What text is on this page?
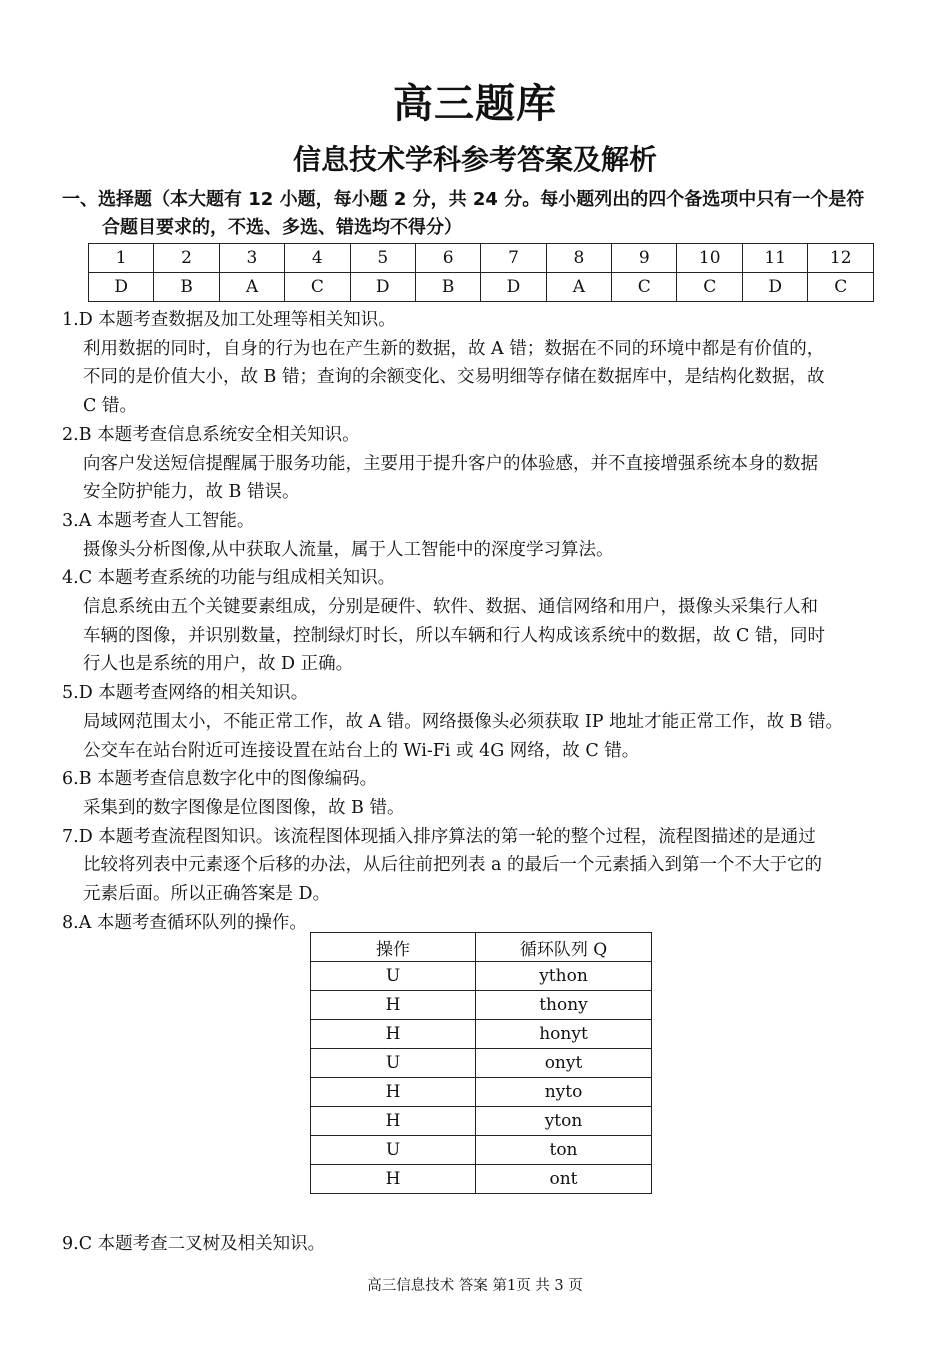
高三题库
信息技术学科参考答案及解析
一、选择题（本大题有 12 小题，每小题 2 分，共 24 分。每小题列出的四个备选项中只有一个是符
合题目要求的，不选、多选、错选均不得分）
1	2	3	4	5	6	7	8	9	10	11	12
D	B	A	C	D	B	D	A	C	C	D	C

1.D 本题考查数据及加工处理等相关知识。

利用数据的同时，自身的行为也在产生新的数据，故 A 错；数据在不同的环境中都是有价值的，

不同的是价值大小，故 B 错；查询的余额变化、交易明细等存储在数据库中，是结构化数据，故

C 错。

2.B 本题考查信息系统安全相关知识。

向客户发送短信提醒属于服务功能，主要用于提升客户的体验感，并不直接增强系统本身的数据

安全防护能力，故 B 错误。

3.A 本题考查人工智能。

摄像头分析图像,从中获取人流量，属于人工智能中的深度学习算法。

4.C 本题考查系统的功能与组成相关知识。

信息系统由五个关键要素组成，分别是硬件、软件、数据、通信网络和用户，摄像头采集行人和

车辆的图像，并识别数量，控制绿灯时长，所以车辆和行人构成该系统中的数据，故 C 错，同时

行人也是系统的用户，故 D 正确。

5.D 本题考查网络的相关知识。

局域网范围太小，不能正常工作，故 A 错。网络摄像头必须获取 IP 地址才能正常工作，故 B 错。

公交车在站台附近可连接设置在站台上的 Wi-Fi 或 4G 网络，故 C 错。

6.B 本题考查信息数字化中的图像编码。

采集到的数字图像是位图图像，故 B 错。

7.D 本题考查流程图知识。该流程图体现插入排序算法的第一轮的整个过程，流程图描述的是通过

比较将列表中元素逐个后移的办法，从后往前把列表 a 的最后一个元素插入到第一个不大于它的

元素后面。所以正确答案是 D。

8.A 本题考查循环队列的操作。

操作	循环队列 Q
U	ython
H	thony
H	honyt
U	onyt
H	nyto
H	yton
U	ton
H	ont
9.C 本题考查二叉树及相关知识。
高三信息技术 答案 第1页 共 3 页
